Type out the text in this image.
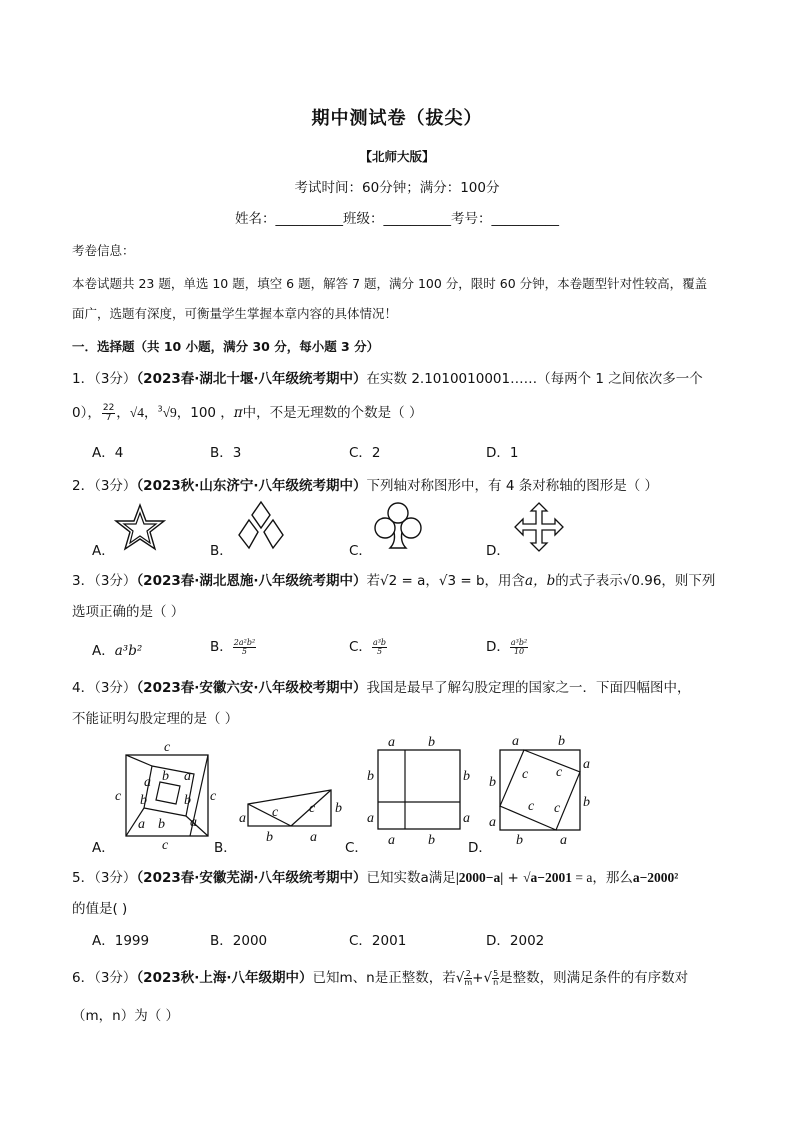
期中测试卷（拔尖）
【北师大版】
考试时间：60分钟；满分：100分
姓名：__________班级：__________考号：__________
考卷信息：
本卷试题共 23 题，单选 10 题，填空 6 题，解答 7 题，满分 100 分，限时 60 分钟，本卷题型针对性较高，覆盖
面广，选题有深度，可衡量学生掌握本章内容的具体情况！
一．选择题（共 10 小题，满分 30 分，每小题 3 分）
1．（3分）（2023春·湖北十堰·八年级统考期中）在实数 2.1010010001……（每两个 1 之间依次多一个
0）， $\frac{22}{7}$ ，√4，$^3$√9，100 ，π中，不是无理数的个数是（ ）
A．4	B．3	C．2	D．1
2．（3分）（2023秋·山东济宁·八年级统考期中）下列轴对称图形中，有 4 条对称轴的图形是（ ）
A．	B．	C．	D．
3．（3分）（2023春·湖北恩施·八年级统考期中）若√2 = a，√3 = b，用含a，b的式子表示√0.96，则下列
选项正确的是（ ）
A．a³b²	B． $\frac{\text{2a²b²}}{5}$	C． $\frac{\text{a³b}}{5}$	D． $\frac{\text{a³b²}}{10}$
4．（3分）（2023春·安徽六安·八年级校考期中）我国是最早了解勾股定理的国家之一．下面四幅图中，
不能证明勾股定理的是（ ）
c
a b a
c b	b c
a b a
c
A．
a c c b
b	a
B．
a b
b	b
a	a
a b
C．
a	b
a
b
c c
b
a
c c
b	a
D．
5．（3分）（2023春·安徽芜湖·八年级统考期中）已知实数a满足|2000−a| + √a−2001 = a，那么a−2000²
的值是( )
A．1999	B．2000	C．2001	D．2002
6．（3分）（2023秋·上海·八年级期中）已知m、n是正整数，若√ $\frac{2}{m}$ +√ $\frac{5}{n}$ 是整数，则满足条件的有序数对
（m，n）为（ ）
